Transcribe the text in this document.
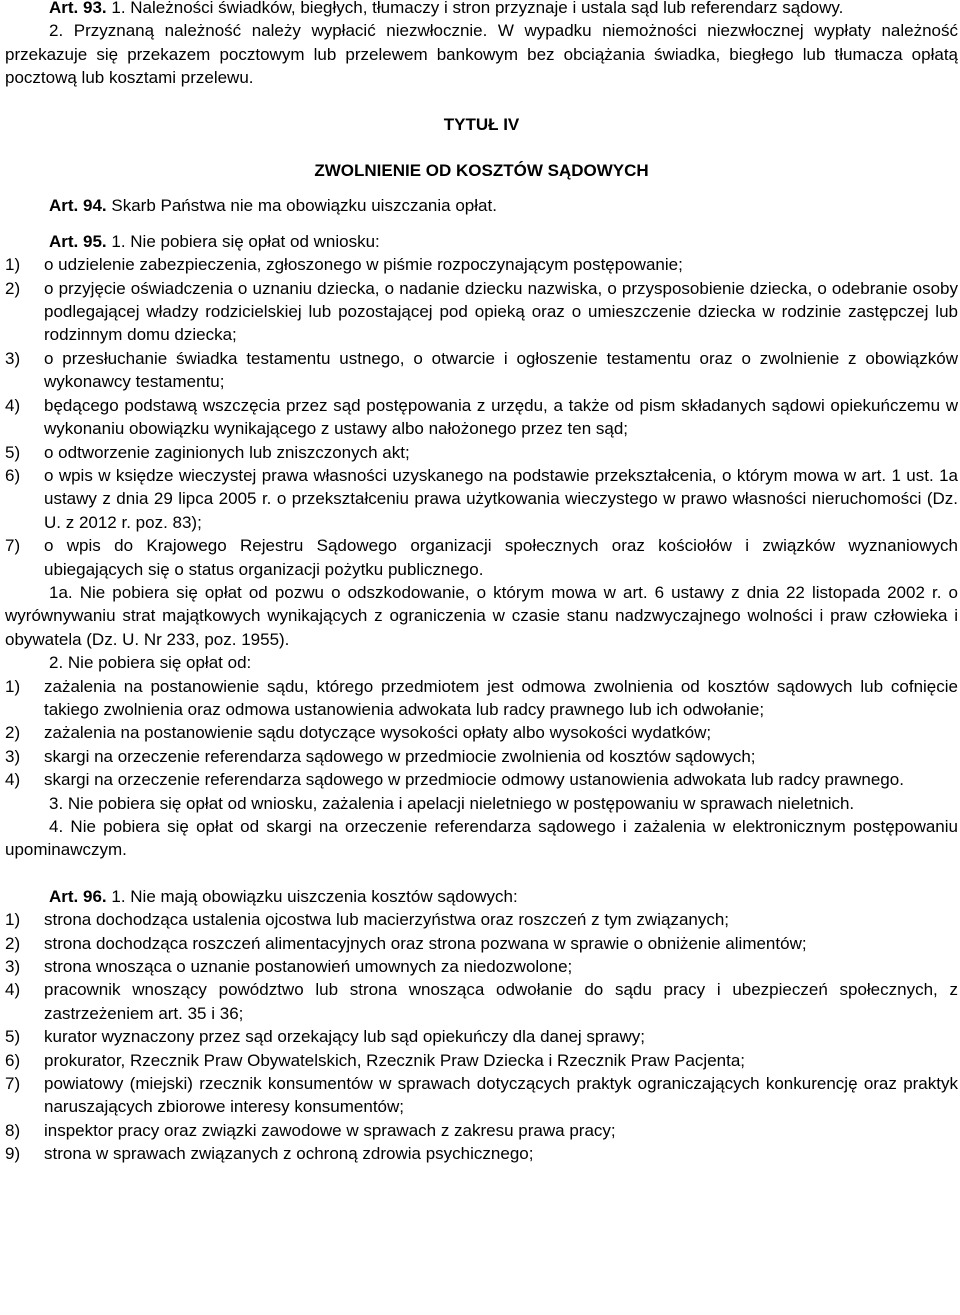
Art. 93. 1. Należności świadków, biegłych, tłumaczy i stron przyznaje i ustala sąd lub referendarz sądowy.

2. Przyznaną należność należy wypłacić niezwłocznie. W wypadku niemożności niezwłocznej wypłaty należność przekazuje się przekazem pocztowym lub przelewem bankowym bez obciążania świadka, biegłego lub tłumacza opłatą pocztową lub kosztami przelewu.

TYTUŁ IV

ZWOLNIENIE OD KOSZTÓW SĄDOWYCH

Art. 94. Skarb Państwa nie ma obowiązku uiszczania opłat.

Art. 95. 1. Nie pobiera się opłat od wniosku:

1) o udzielenie zabezpieczenia, zgłoszonego w piśmie rozpoczynającym postępowanie;
2) o przyjęcie oświadczenia o uznaniu dziecka, o nadanie dziecku nazwiska, o przysposobienie dziecka, o odebranie osoby podlegającej władzy rodzicielskiej lub pozostającej pod opieką oraz o umieszczenie dziecka w rodzinie zastępczej lub rodzinnym domu dziecka;
3) o przesłuchanie świadka testamentu ustnego, o otwarcie i ogłoszenie testamentu oraz o zwolnienie z obowiązków wykonawcy testamentu;
4) będącego podstawą wszczęcia przez sąd postępowania z urzędu, a także od pism składanych sądowi opiekuńczemu w wykonaniu obowiązku wynikającego z ustawy albo nałożonego przez ten sąd;
5) o odtworzenie zaginionych lub zniszczonych akt;
6) o wpis w księdze wieczystej prawa własności uzyskanego na podstawie przekształcenia, o którym mowa w art. 1 ust. 1a ustawy z dnia 29 lipca 2005 r. o przekształceniu prawa użytkowania wieczystego w prawo własności nieruchomości (Dz. U. z 2012 r. poz. 83);
7) o wpis do Krajowego Rejestru Sądowego organizacji społecznych oraz kościołów i związków wyznaniowych ubiegających się o status organizacji pożytku publicznego.

1a. Nie pobiera się opłat od pozwu o odszkodowanie, o którym mowa w art. 6 ustawy z dnia 22 listopada 2002 r. o wyrównywaniu strat majątkowych wynikających z ograniczenia w czasie stanu nadzwyczajnego wolności i praw człowieka i obywatela (Dz. U. Nr 233, poz. 1955).

2. Nie pobiera się opłat od:

1) zażalenia na postanowienie sądu, którego przedmiotem jest odmowa zwolnienia od kosztów sądowych lub cofnięcie takiego zwolnienia oraz odmowa ustanowienia adwokata lub radcy prawnego lub ich odwołanie;
2) zażalenia na postanowienie sądu dotyczące wysokości opłaty albo wysokości wydatków;
3) skargi na orzeczenie referendarza sądowego w przedmiocie zwolnienia od kosztów sądowych;
4) skargi na orzeczenie referendarza sądowego w przedmiocie odmowy ustanowienia adwokata lub radcy prawnego.

3. Nie pobiera się opłat od wniosku, zażalenia i apelacji nieletniego w postępowaniu w sprawach nieletnich.

4. Nie pobiera się opłat od skargi na orzeczenie referendarza sądowego i zażalenia w elektronicznym postępowaniu upominawczym.

Art. 96. 1. Nie mają obowiązku uiszczenia kosztów sądowych:

1) strona dochodząca ustalenia ojcostwa lub macierzyństwa oraz roszczeń z tym związanych;
2) strona dochodząca roszczeń alimentacyjnych oraz strona pozwana w sprawie o obniżenie alimentów;
3) strona wnosząca o uznanie postanowień umownych za niedozwolone;
4) pracownik wnoszący powództwo lub strona wnosząca odwołanie do sądu pracy i ubezpieczeń społecznych, z zastrzeżeniem art. 35 i 36;
5) kurator wyznaczony przez sąd orzekający lub sąd opiekuńczy dla danej sprawy;
6) prokurator, Rzecznik Praw Obywatelskich, Rzecznik Praw Dziecka i Rzecznik Praw Pacjenta;
7) powiatowy (miejski) rzecznik konsumentów w sprawach dotyczących praktyk ograniczających konkurencję oraz praktyk naruszających zbiorowe interesy konsumentów;
8) inspektor pracy oraz związki zawodowe w sprawach z zakresu prawa pracy;
9) strona w sprawach związanych z ochroną zdrowia psychicznego;
